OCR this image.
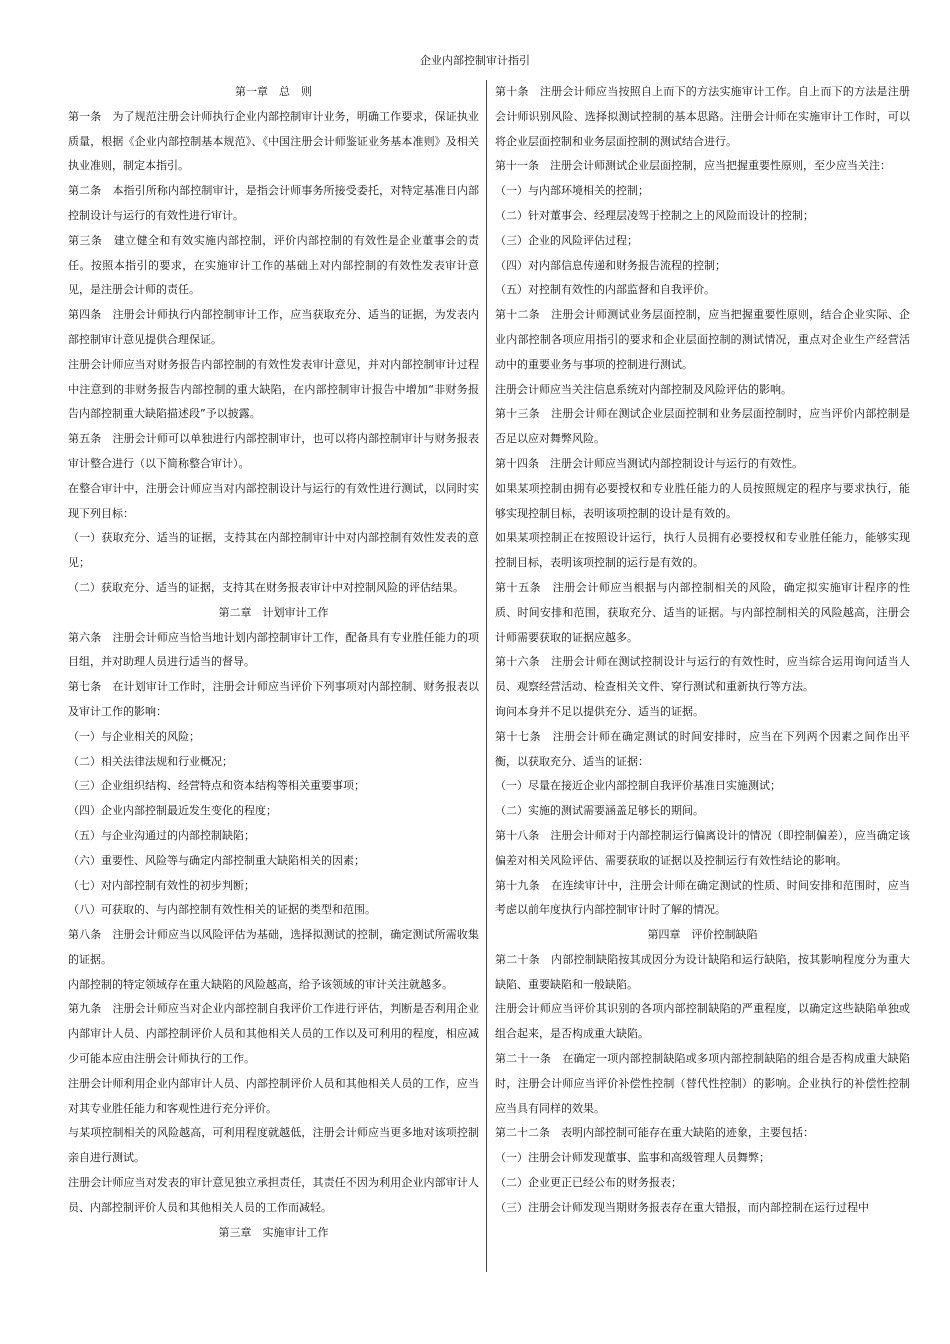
企业内部控制审计指引

第一章　总　则

第一条　为了规范注册会计师执行企业内部控制审计业务，明确工作要求，保证执业质量，根据《企业内部控制基本规范》、《中国注册会计师鉴证业务基本准则》及相关执业准则，制定本指引。

第二条　本指引所称内部控制审计，是指会计师事务所接受委托，对特定基准日内部控制设计与运行的有效性进行审计。

第三条　建立健全和有效实施内部控制，评价内部控制的有效性是企业董事会的责任。按照本指引的要求，在实施审计工作的基础上对内部控制的有效性发表审计意见，是注册会计师的责任。

第四条　注册会计师执行内部控制审计工作，应当获取充分、适当的证据，为发表内部控制审计意见提供合理保证。

注册会计师应当对财务报告内部控制的有效性发表审计意见，并对内部控制审计过程中注意到的非财务报告内部控制的重大缺陷，在内部控制审计报告中增加“非财务报告内部控制重大缺陷描述段”予以披露。

第五条　注册会计师可以单独进行内部控制审计，也可以将内部控制审计与财务报表审计整合进行（以下简称整合审计）。

在整合审计中，注册会计师应当对内部控制设计与运行的有效性进行测试，以同时实现下列目标：

（一）获取充分、适当的证据，支持其在内部控制审计中对内部控制有效性发表的意见；

（二）获取充分、适当的证据，支持其在财务报表审计中对控制风险的评估结果。

第二章　计划审计工作

第六条　注册会计师应当恰当地计划内部控制审计工作，配备具有专业胜任能力的项目组，并对助理人员进行适当的督导。

第七条　在计划审计工作时，注册会计师应当评价下列事项对内部控制、财务报表以及审计工作的影响：

（一）与企业相关的风险；

（二）相关法律法规和行业概况；

（三）企业组织结构、经营特点和资本结构等相关重要事项；

（四）企业内部控制最近发生变化的程度；

（五）与企业沟通过的内部控制缺陷；

（六）重要性、风险等与确定内部控制重大缺陷相关的因素；

（七）对内部控制有效性的初步判断；

（八）可获取的、与内部控制有效性相关的证据的类型和范围。

第八条　注册会计师应当以风险评估为基础，选择拟测试的控制，确定测试所需收集的证据。

内部控制的特定领域存在重大缺陷的风险越高，给予该领域的审计关注就越多。

第九条　注册会计师应当对企业内部控制自我评价工作进行评估，判断是否利用企业内部审计人员、内部控制评价人员和其他相关人员的工作以及可利用的程度，相应减少可能本应由注册会计师执行的工作。

注册会计师利用企业内部审计人员、内部控制评价人员和其他相关人员的工作，应当对其专业胜任能力和客观性进行充分评价。

与某项控制相关的风险越高，可利用程度就越低，注册会计师应当更多地对该项控制亲自进行测试。

注册会计师应当对发表的审计意见独立承担责任，其责任不因为利用企业内部审计人员、内部控制评价人员和其他相关人员的工作而减轻。

第三章　实施审计工作

第十条　注册会计师应当按照自上而下的方法实施审计工作。自上而下的方法是注册会计师识别风险、选择拟测试控制的基本思路。注册会计师在实施审计工作时，可以将企业层面控制和业务层面控制的测试结合进行。

第十一条　注册会计师测试企业层面控制，应当把握重要性原则，至少应当关注：

（一）与内部环境相关的控制；

（二）针对董事会、经理层凌驾于控制之上的风险而设计的控制；

（三）企业的风险评估过程；

（四）对内部信息传递和财务报告流程的控制；

（五）对控制有效性的内部监督和自我评价。

第十二条　注册会计师测试业务层面控制，应当把握重要性原则，结合企业实际、企业内部控制各项应用指引的要求和企业层面控制的测试情况，重点对企业生产经营活动中的重要业务与事项的控制进行测试。

注册会计师应当关注信息系统对内部控制及风险评估的影响。

第十三条　注册会计师在测试企业层面控制和业务层面控制时，应当评价内部控制是否足以应对舞弊风险。

第十四条　注册会计师应当测试内部控制设计与运行的有效性。

如果某项控制由拥有必要授权和专业胜任能力的人员按照规定的程序与要求执行，能够实现控制目标，表明该项控制的设计是有效的。

如果某项控制正在按照设计运行，执行人员拥有必要授权和专业胜任能力，能够实现控制目标，表明该项控制的运行是有效的。

第十五条　注册会计师应当根据与内部控制相关的风险，确定拟实施审计程序的性质、时间安排和范围，获取充分、适当的证据。与内部控制相关的风险越高，注册会计师需要获取的证据应越多。

第十六条　注册会计师在测试控制设计与运行的有效性时，应当综合运用询问适当人员、观察经营活动、检查相关文件、穿行测试和重新执行等方法。

询问本身并不足以提供充分、适当的证据。

第十七条　注册会计师在确定测试的时间安排时，应当在下列两个因素之间作出平衡，以获取充分、适当的证据：

（一）尽量在接近企业内部控制自我评价基准日实施测试；

（二）实施的测试需要涵盖足够长的期间。

第十八条　注册会计师对于内部控制运行偏离设计的情况（即控制偏差），应当确定该偏差对相关风险评估、需要获取的证据以及控制运行有效性结论的影响。

第十九条　在连续审计中，注册会计师在确定测试的性质、时间安排和范围时，应当考虑以前年度执行内部控制审计时了解的情况。

第四章　评价控制缺陷

第二十条　内部控制缺陷按其成因分为设计缺陷和运行缺陷，按其影响程度分为重大缺陷、重要缺陷和一般缺陷。

注册会计师应当评价其识别的各项内部控制缺陷的严重程度，以确定这些缺陷单独或组合起来，是否构成重大缺陷。

第二十一条　在确定一项内部控制缺陷或多项内部控制缺陷的组合是否构成重大缺陷时，注册会计师应当评价补偿性控制（替代性控制）的影响。企业执行的补偿性控制应当具有同样的效果。

第二十二条　表明内部控制可能存在重大缺陷的迹象，主要包括：

（一）注册会计师发现董事、监事和高级管理人员舞弊；

（二）企业更正已经公布的财务报表；

（三）注册会计师发现当期财务报表存在重大错报，而内部控制在运行过程中
